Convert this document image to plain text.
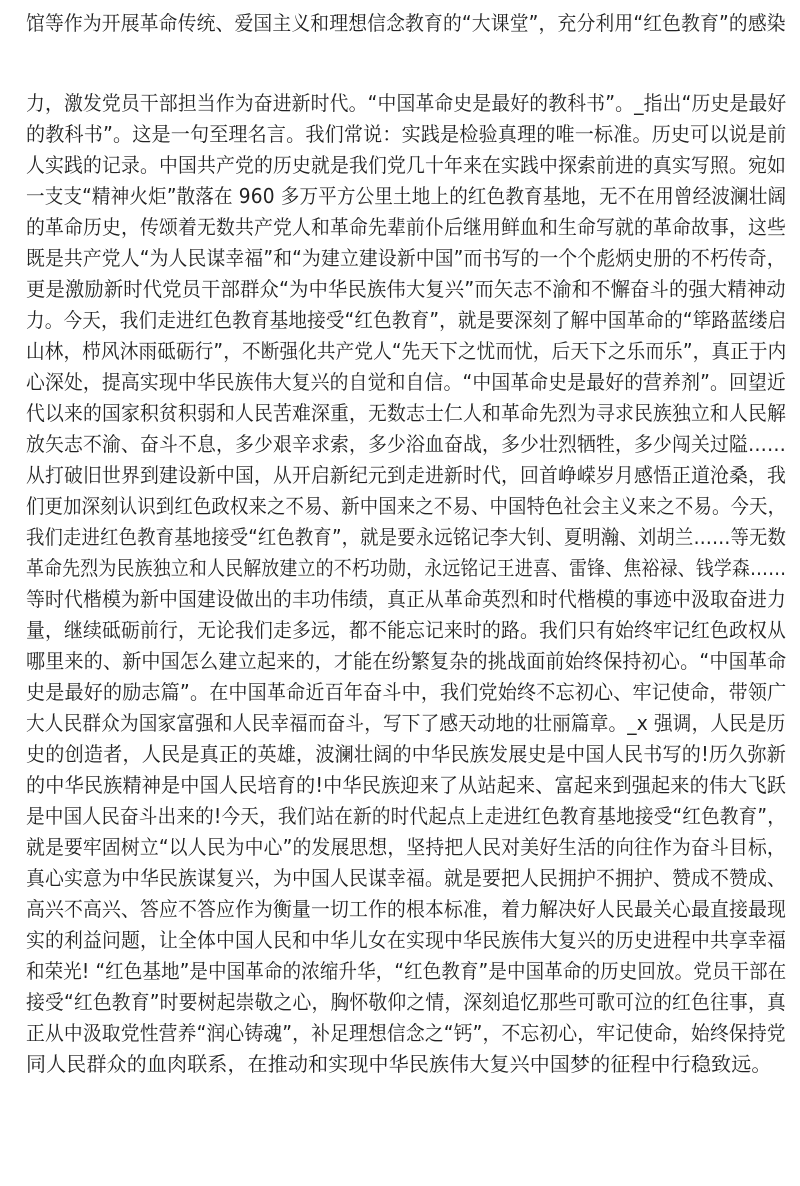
馆等作为开展革命传统、爱国主义和理想信念教育的“大课堂”，充分利用“红色教育”的感染
力，激发党员干部担当作为奋进新时代。“中国革命史是最好的教科书”。_指出“历史是最好
的教科书”。这是一句至理名言。我们常说：实践是检验真理的唯一标准。历史可以说是前
人实践的记录。中国共产党的历史就是我们党几十年来在实践中探索前进的真实写照。宛如
一支支“精神火炬”散落在 960 多万平方公里土地上的红色教育基地，无不在用曾经波澜壮阔
的革命历史，传颂着无数共产党人和革命先辈前仆后继用鲜血和生命写就的革命故事，这些
既是共产党人“为人民谋幸福”和“为建立建设新中国”而书写的一个个彪炳史册的不朽传奇，
更是激励新时代党员干部群众“为中华民族伟大复兴”而矢志不渝和不懈奋斗的强大精神动
力。今天，我们走进红色教育基地接受“红色教育”，就是要深刻了解中国革命的“筚路蓝缕启
山林，栉风沐雨砥砺行”，不断强化共产党人“先天下之忧而忧，后天下之乐而乐”，真正于内
心深处，提高实现中华民族伟大复兴的自觉和自信。“中国革命史是最好的营养剂”。回望近
代以来的国家积贫积弱和人民苦难深重，无数志士仁人和革命先烈为寻求民族独立和人民解
放矢志不渝、奋斗不息，多少艰辛求索，多少浴血奋战，多少壮烈牺牲，多少闯关过隘……
从打破旧世界到建设新中国，从开启新纪元到走进新时代，回首峥嵘岁月感悟正道沧桑，我
们更加深刻认识到红色政权来之不易、新中国来之不易、中国特色社会主义来之不易。今天，
我们走进红色教育基地接受“红色教育”，就是要永远铭记李大钊、夏明瀚、刘胡兰……等无数
革命先烈为民族独立和人民解放建立的不朽功勋，永远铭记王进喜、雷锋、焦裕禄、钱学森……
等时代楷模为新中国建设做出的丰功伟绩，真正从革命英烈和时代楷模的事迹中汲取奋进力
量，继续砥砺前行，无论我们走多远，都不能忘记来时的路。我们只有始终牢记红色政权从
哪里来的、新中国怎么建立起来的，才能在纷繁复杂的挑战面前始终保持初心。“中国革命
史是最好的励志篇”。在中国革命近百年奋斗中，我们党始终不忘初心、牢记使命，带领广
大人民群众为国家富强和人民幸福而奋斗，写下了感天动地的壮丽篇章。_x 强调，人民是历
史的创造者，人民是真正的英雄，波澜壮阔的中华民族发展史是中国人民书写的!历久弥新
的中华民族精神是中国人民培育的!中华民族迎来了从站起来、富起来到强起来的伟大飞跃
是中国人民奋斗出来的!今天，我们站在新的时代起点上走进红色教育基地接受“红色教育”，
就是要牢固树立“以人民为中心”的发展思想，坚持把人民对美好生活的向往作为奋斗目标，
真心实意为中华民族谋复兴，为中国人民谋幸福。就是要把人民拥护不拥护、赞成不赞成、
高兴不高兴、答应不答应作为衡量一切工作的根本标准，着力解决好人民最关心最直接最现
实的利益问题，让全体中国人民和中华儿女在实现中华民族伟大复兴的历史进程中共享幸福
和荣光! “红色基地”是中国革命的浓缩升华，“红色教育”是中国革命的历史回放。党员干部在
接受“红色教育”时要树起崇敬之心，胸怀敬仰之情，深刻追忆那些可歌可泣的红色往事，真
正从中汲取党性营养“润心铸魂”，补足理想信念之“钙”，不忘初心，牢记使命，始终保持党
同人民群众的血肉联系，在推动和实现中华民族伟大复兴中国梦的征程中行稳致远。
